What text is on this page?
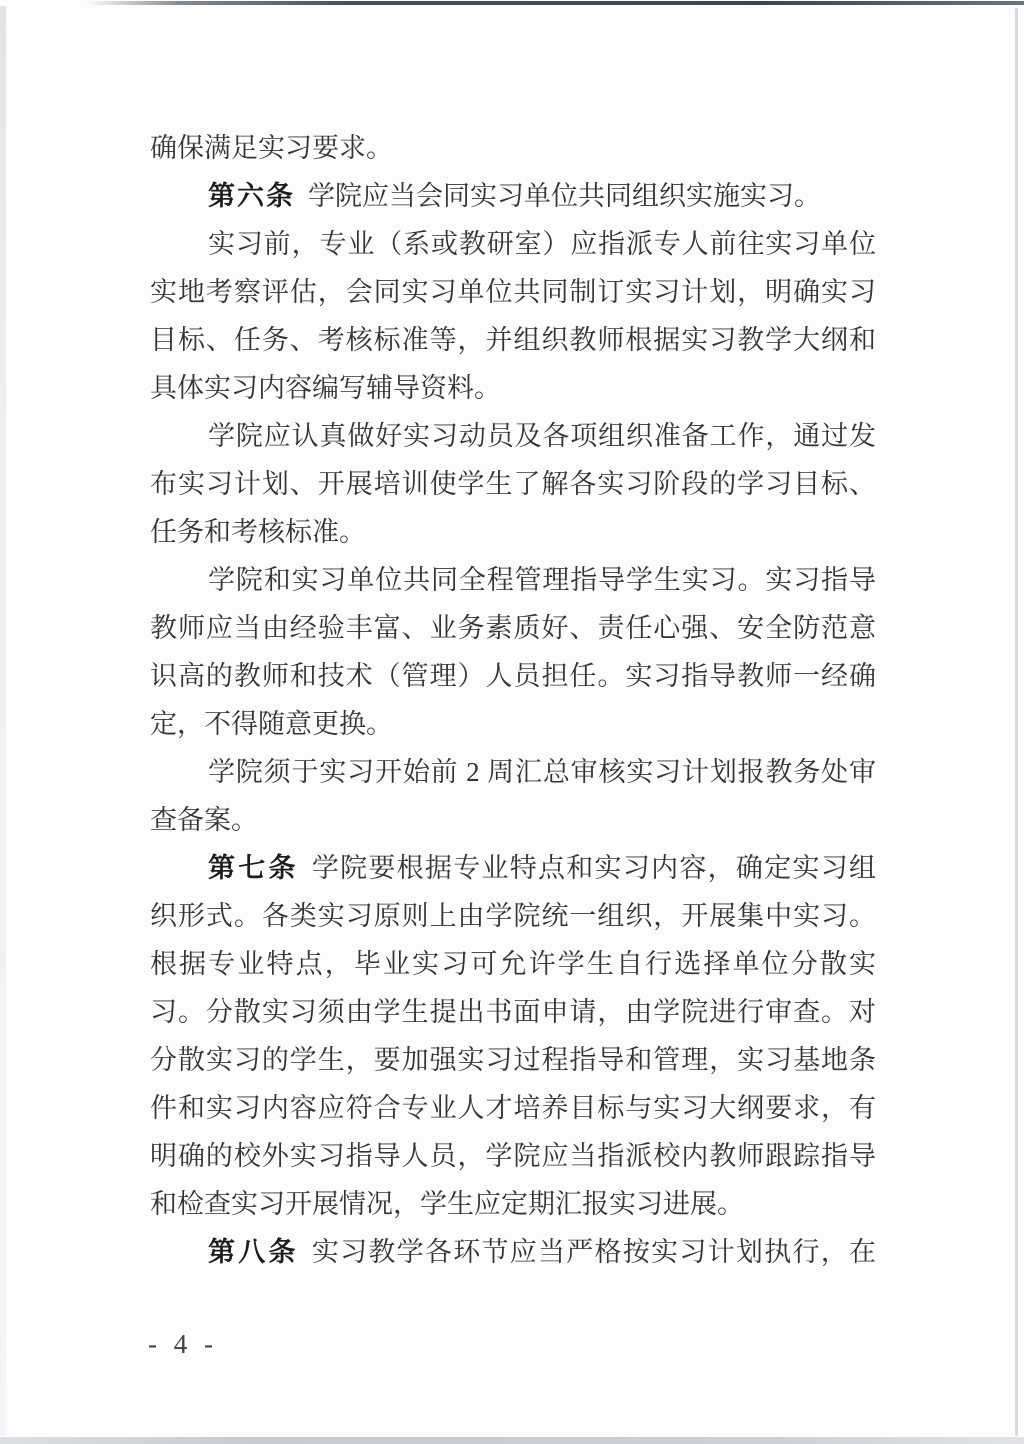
确保满足实习要求。
第六条 学院应当会同实习单位共同组织实施实习。
实习前，专业（系或教研室）应指派专人前往实习单位
实地考察评估，会同实习单位共同制订实习计划，明确实习
目标、任务、考核标准等，并组织教师根据实习教学大纲和
具体实习内容编写辅导资料。
学院应认真做好实习动员及各项组织准备工作，通过发
布实习计划、开展培训使学生了解各实习阶段的学习目标、
任务和考核标准。
学院和实习单位共同全程管理指导学生实习。实习指导
教师应当由经验丰富、业务素质好、责任心强、安全防范意
识高的教师和技术（管理）人员担任。实习指导教师一经确
定，不得随意更换。
学院须于实习开始前 2 周汇总审核实习计划报教务处审
查备案。
第七条 学院要根据专业特点和实习内容，确定实习组
织形式。各类实习原则上由学院统一组织，开展集中实习。
根据专业特点，毕业实习可允许学生自行选择单位分散实
习。分散实习须由学生提出书面申请，由学院进行审查。对
分散实习的学生，要加强实习过程指导和管理，实习基地条
件和实习内容应符合专业人才培养目标与实习大纲要求，有
明确的校外实习指导人员，学院应当指派校内教师跟踪指导
和检查实习开展情况，学生应定期汇报实习进展。
第八条 实习教学各环节应当严格按实习计划执行，在
- 4 -
